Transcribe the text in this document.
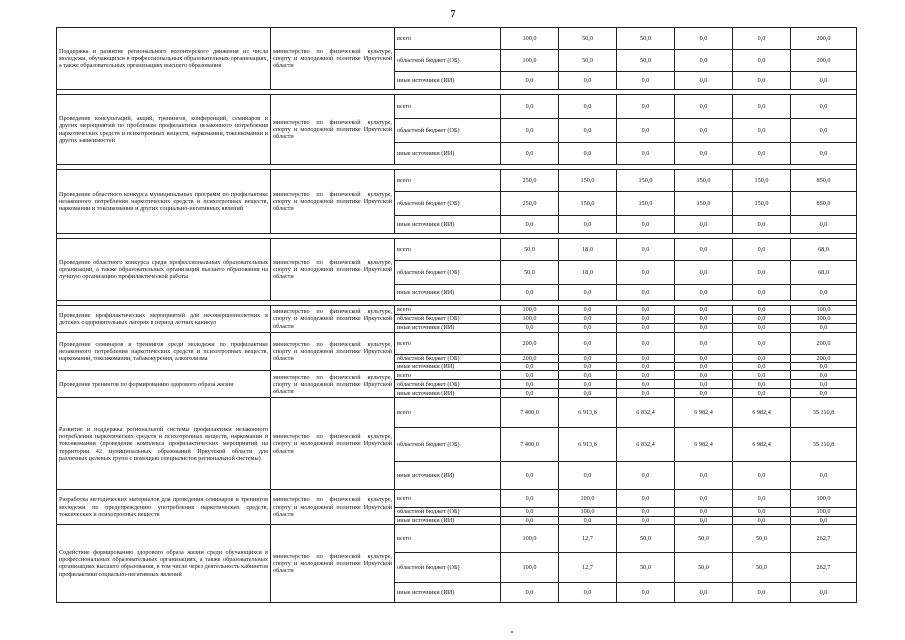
7
Поддержка и развитие регионального волонтерского движения из числа молодежи, обучающихся в профессиональных образовательных организациях, а также образовательных организациях высшего образования	министерство по физической культуре, спорту и молодежной политике Иркутской области	всего	100,0	50,0	50,0	0,0	0,0	200,0
		областной бюджет (ОБ)	100,0	50,0	50,0	0,0	0,0	200,0
		иные источники (ИИ)	0,0	0,0	0,0	0,0	0,0	0,0

Проведение консультаций, акций, тренингов, конференций, семинаров и других мероприятий по проблемам профилактики незаконного потребления наркотических средств и психотропных веществ, наркомании, токсикомании и других зависимостей	министерство по физической культуре, спорту и молодежной политике Иркутской области	всего	0,0	0,0	0,0	0,0	0,0	0,0
		областной бюджет (ОБ)	0,0	0,0	0,0	0,0	0,0	0,0
		иные источники (ИИ)	0,0	0,0	0,0	0,0	0,0	0,0

Проведение областного конкурса муниципальных программ по профилактике незаконного потребления наркотических средств и психотропных веществ, наркомании и токсикомании и других социально-негативных явлений	министерство по физической культуре, спорту и молодежной политике Иркутской области	всего	250,0	150,0	150,0	150,0	150,0	850,0
		областной бюджет (ОБ)	250,0	150,0	150,0	150,0	150,0	850,0
		иные источники (ИИ)	0,0	0,0	0,0	0,0	0,0	0,0

Проведение областного конкурса среди профессиональных образовательных организаций, а также образовательных организаций высшего образования на лучшую организацию профилактической работы	министерство по физической культуре, спорту и молодежной политике Иркутской области	всего	50,0	18,0	0,0	0,0	0,0	68,0
		областной бюджет (ОБ)	50,0	18,0	0,0	0,0	0,0	68,0
		иные источники (ИИ)	0,0	0,0	0,0	0,0	0,0	0,0

Проведение профилактических мероприятий для несовершеннолетних в детских оздоровительных лагерях в период летних каникул	министерство по физической культуре, спорту и молодежной политике Иркутской области	всего	100,0	0,0	0,0	0,0	0,0	100,0
		областной бюджет (ОБ)	100,0	0,0	0,0	0,0	0,0	100,0
		иные источники (ИИ)	0,0	0,0	0,0	0,0	0,0	0,0
Проведение семинаров и тренингов среди молодежи по профилактике незаконного потребления наркотических средств и психотропных веществ, наркомании, токсикомании, табакокурения, алкоголизма	министерство по физической культуре, спорту и молодежной политике Иркутской области	всего	200,0	0,0	0,0	0,0	0,0	200,0
		областной бюджет (ОБ)	200,0	0,0	0,0	0,0	0,0	200,0
		иные источники (ИИ)	0,0	0,0	0,0	0,0	0,0	0,0
Проведение тренингов по формированию здорового образа жизни	министерство по физической культуре, спорту и молодежной политике Иркутской области	всего	0,0	0,0	0,0	0,0	0,0	0,0
		областной бюджет (ОБ)	0,0	0,0	0,0	0,0	0,0	0,0
		иные источники (ИИ)	0,0	0,0	0,0	0,0	0,0	0,0
Развитие и поддержка региональной системы профилактики незаконного потребления наркотических средств и психотропных веществ, наркомании и токсикомании (проведение комплекса профилактических мероприятий на территории 42 муниципальных образований Иркутской области для различных целевых групп с помощью специалистов региональной системы)	министерство по физической культуре, спорту и молодежной политике Иркутской области	всего	7 400,0	6 913,6	6 832,4	6 982,4	6 982,4	35 110,8
		областной бюджет (ОБ)	7 400,0	6 913,6	6 832,4	6 982,4	6 982,4	35 110,8
		иные источники (ИИ)	0,0	0,0	0,0	0,0	0,0	0,0
Разработка методических материалов для проведения семинаров и тренингов молодежи по предупреждению употребления наркотических средств, токсических и психотропных веществ	министерство по физической культуре, спорту и молодежной политике Иркутской области	всего	0,0	100,0	0,0	0,0	0,0	100,0
		областной бюджет (ОБ)	0,0	100,0	0,0	0,0	0,0	100,0
		иные источники (ИИ)	0,0	0,0	0,0	0,0	0,0	0,0
Содействие формированию здорового образа жизни среди обучающихся в профессиональных образовательных организациях, а также образовательных организациях высшего образования, в том числе через деятельность кабинетов профилактики социально-негативных явлений	министерство по физической культуре, спорту и молодежной политике Иркутской области	всего	100,0	12,7	50,0	50,0	50,0	262,7
		областной бюджет (ОБ)	100,0	12,7	50,0	50,0	50,0	262,7
		иные источники (ИИ)	0,0	0,0	0,0	0,0	0,0	0,0
